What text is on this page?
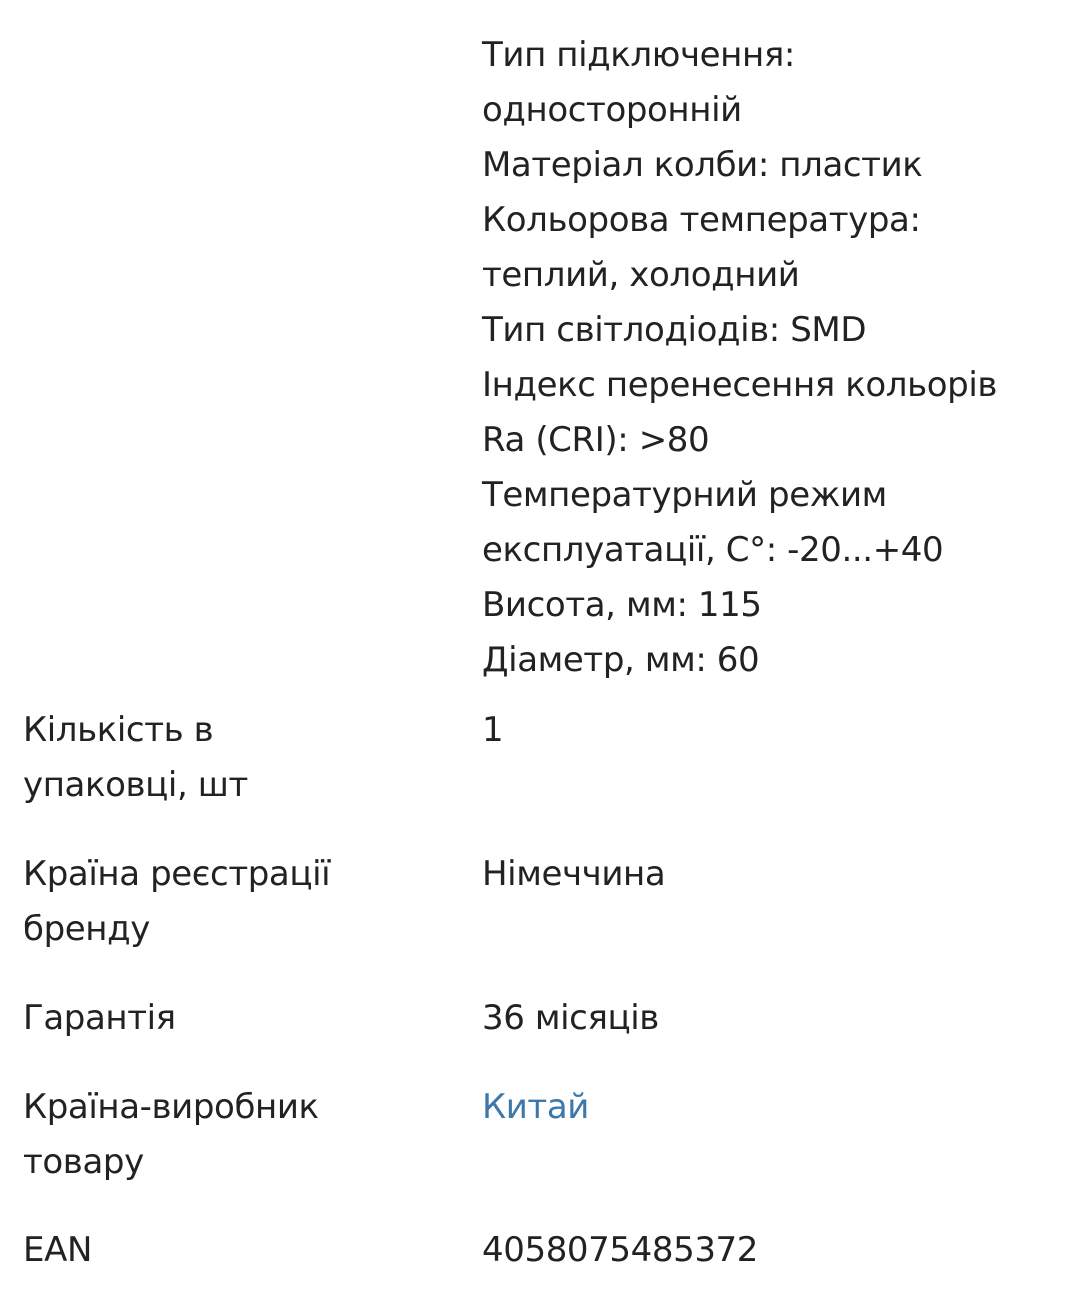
Тип підключення:
односторонній
Матеріал колби: пластик
Кольорова температура:
теплий, холодний
Тип світлодіодів: SMD
Індекс перенесення кольорів
Ra (CRI): >80
Температурний режим
експлуатації, С°: -20...+40
Висота, мм: 115
Діаметр, мм: 60
Кількість в
упаковці, шт
1
Країна реєстрації
бренду
Німеччина
Гарантія	36 місяців
Країна-виробник
товару
Китай
EAN	4058075485372
